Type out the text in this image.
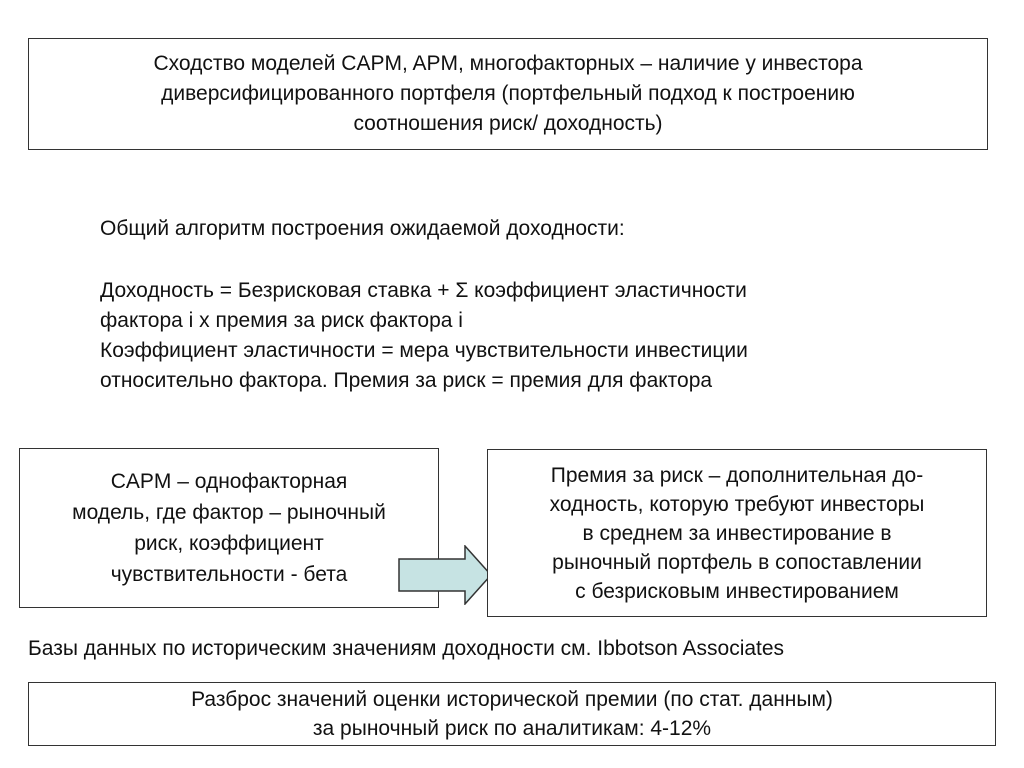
Сходство моделей CAPM, APM, многофакторных – наличие у инвестора
диверсифицированного портфеля (портфельный подход к построению
соотношения риск/ доходность)
Общий алгоритм построения ожидаемой доходности:
Доходность = Безрисковая ставка + Σ коэффициент эластичности
фактора i x премия за риск фактора i
Коэффициент эластичности = мера чувствительности инвестиции
относительно фактора. Премия за риск = премия для фактора
CAPM – однофакторная
модель, где фактор – рыночный
риск, коэффициент
чувствительности - бета
Премия за риск – дополнительная до-
ходность, которую требуют инвесторы
в среднем за инвестирование в
рыночный портфель в сопоставлении
с безрисковым инвестированием
Базы данных по историческим значениям доходности см. Ibbotson Associates
Разброс значений оценки исторической премии (по стат. данным)
за рыночный риск по аналитикам: 4-12%
